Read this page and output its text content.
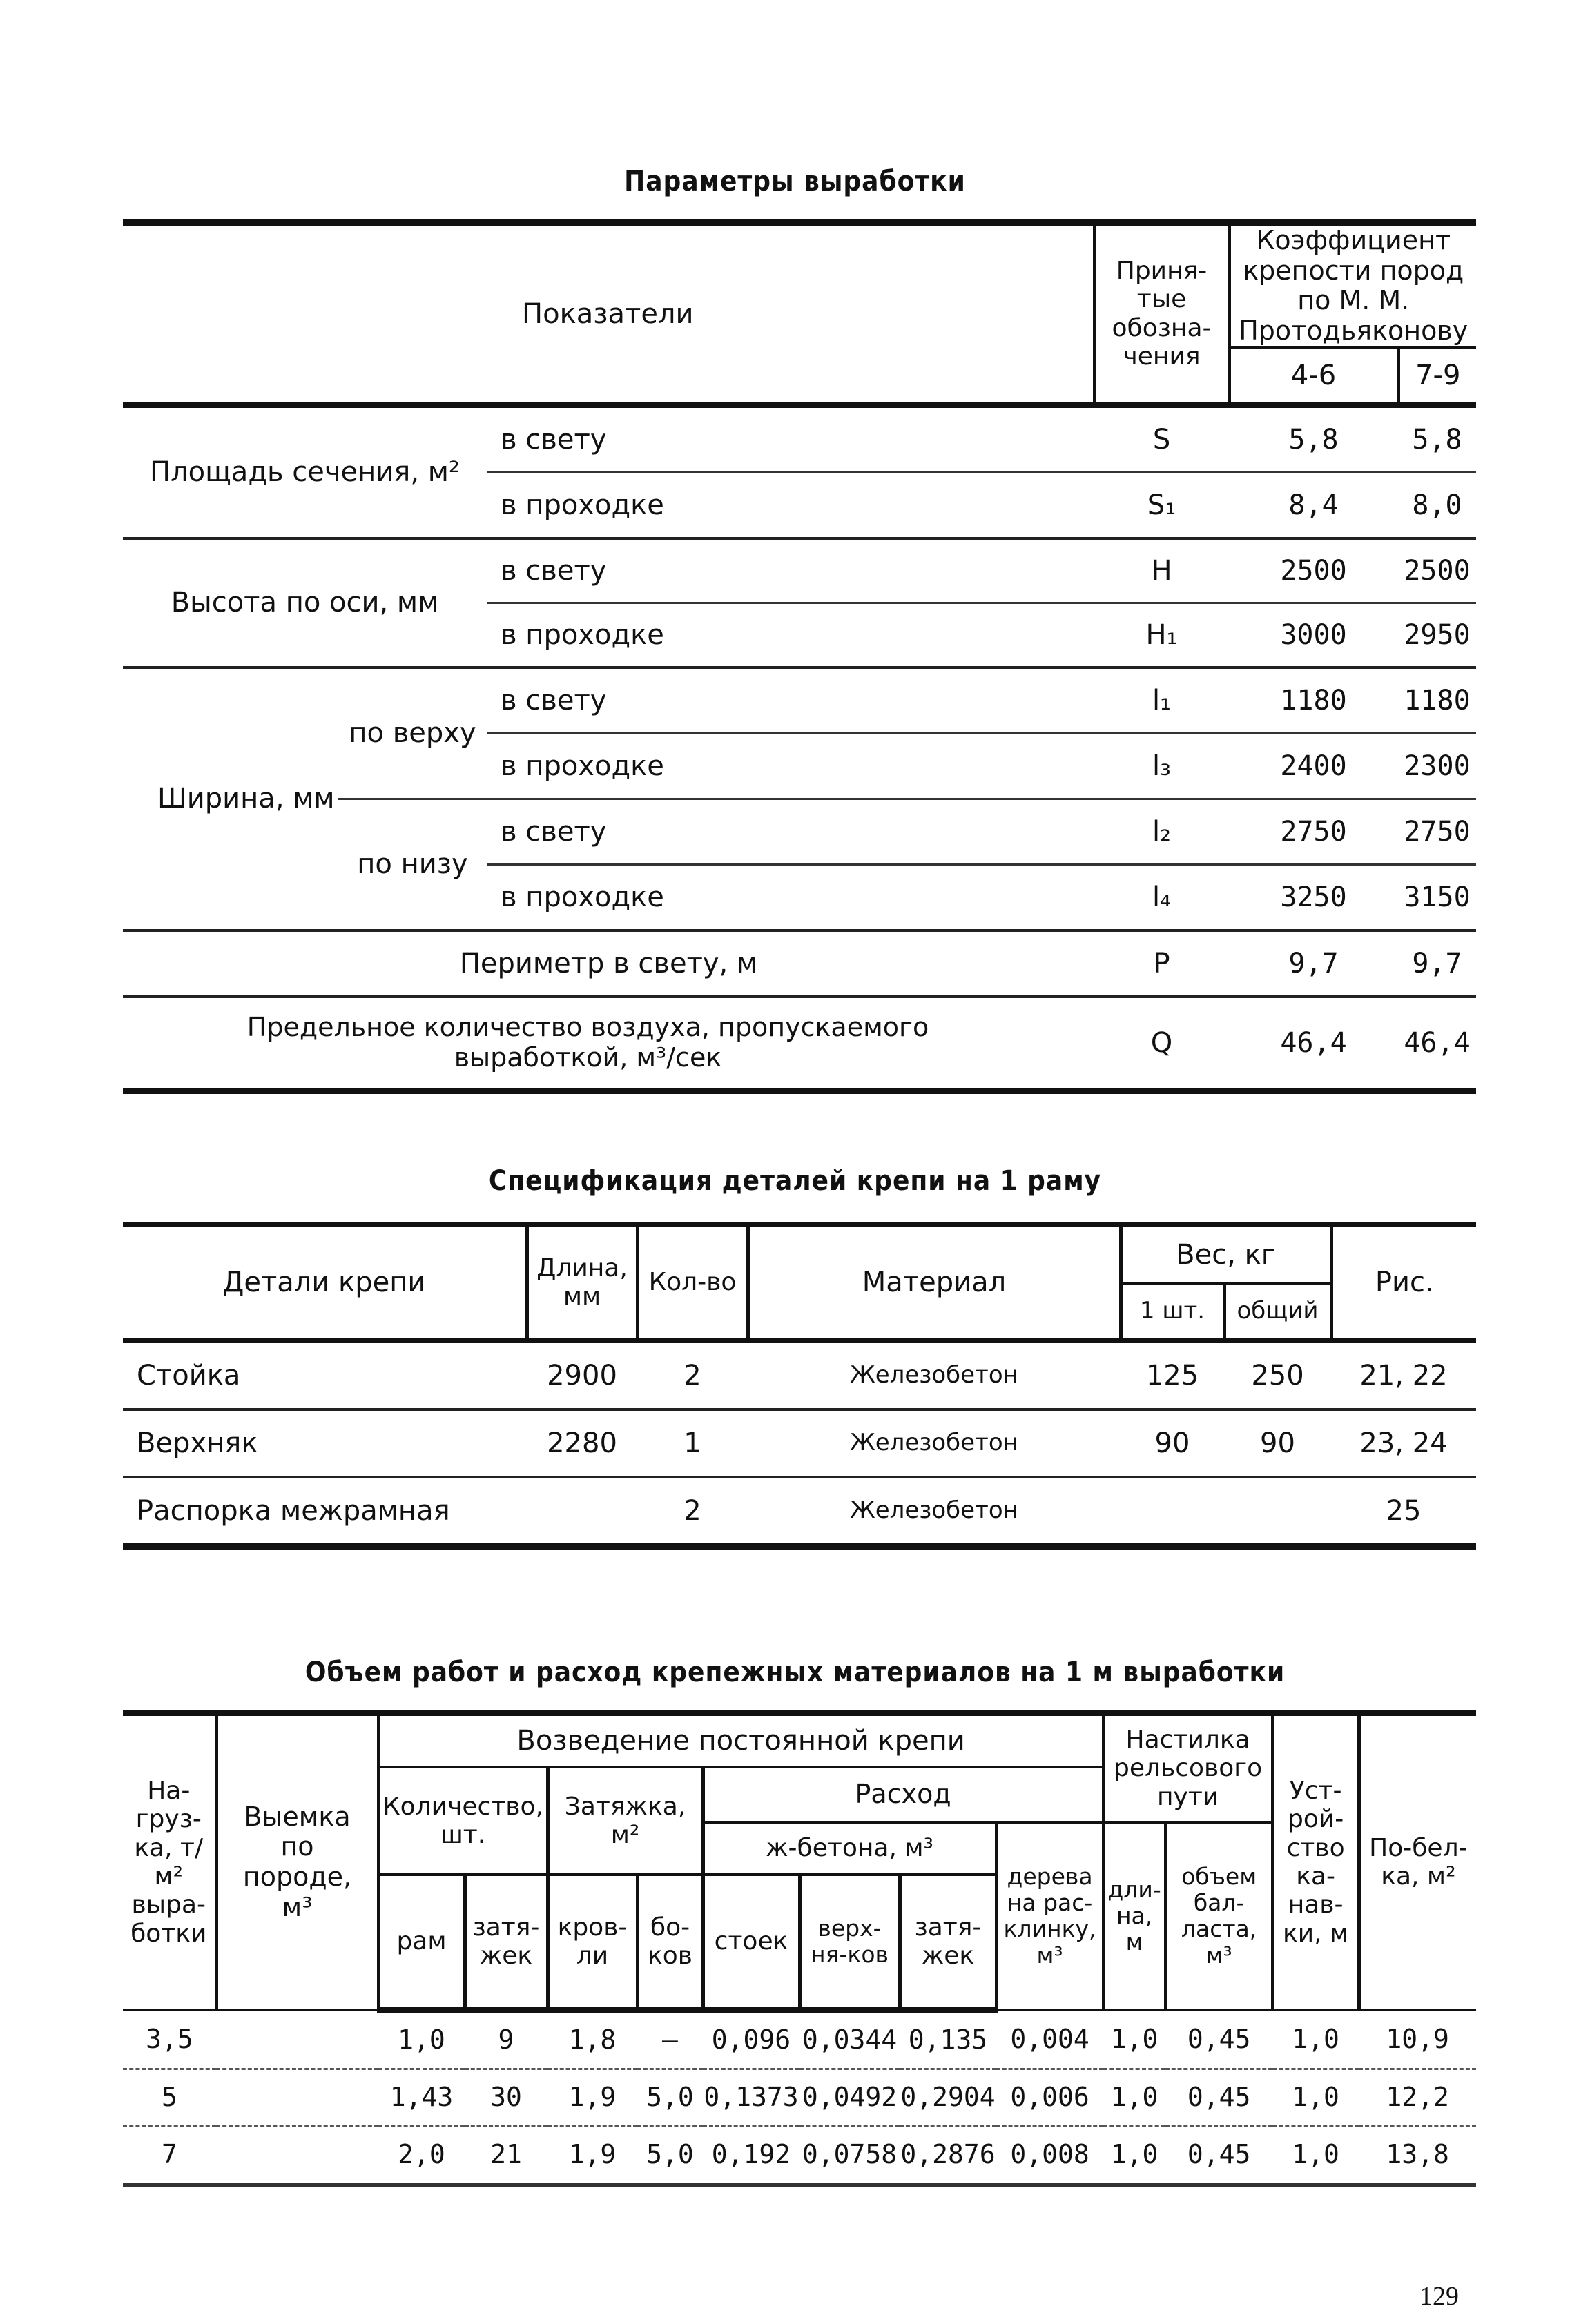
Параметры выработки
Показатели			Приня-тые обозна-чения	Коэффициент крепости пород по М. М. Протодьяконову	
				4-6	7-9
Площадь сечения, м²		в свету	S	5,8	5,8
		в проходке	S₁	8,4	8,0
Высота по оси, мм		в свету	H	2500	2500
		в проходке	H₁	3000	2950
Ширина, мм	по верху	в свету	l₁	1180	1180
		в проходке	l₃	2400	2300
	по низу	в свету	l₂	2750	2750
		в проходке	l₄	3250	3150
Периметр в свету, м			P	9,7	9,7
Предельное количество воздуха, пропускаемого выработкой, м³/сек			Q	46,4	46,4
Спецификация деталей крепи на 1 раму
Детали крепи	Длина, мм	Кол-во	Материал	Вес, кг		Рис.
				1 шт.	общий	
Стойка	2900	2	Железобетон	125	250	21, 22
Верхняк	2280	1	Железобетон	90	90	23, 24
Распорка межрамная		2	Железобетон			25
Объем работ и расход крепежных материалов на 1 м выработки
На-груз-ка, т/м² выра-ботки	Выемка по породе, м³	Возведение постоянной крепи								Настилка рельсового пути		Уст-рой-ство ка-нав-ки, м	По-бел-ка, м²
		Количество, шт.		Затяжка, м²		Расход							
						ж-бетона, м³			дерева на рас-клинку, м³	дли-на, м	объем бал-ласта, м³		
		рам	затя-жек	кров-ли	бо-ков	стоек	верх-ня-ков	затя-жек					
3,5		1,0	9	1,8	—	0,096	0,0344	0,135	0,004	1,0	0,45	1,0	10,9
5		1,43	30	1,9	5,0	0,1373	0,0492	0,2904	0,006	1,0	0,45	1,0	12,2
7		2,0	21	1,9	5,0	0,192	0,0758	0,2876	0,008	1,0	0,45	1,0	13,8
129
